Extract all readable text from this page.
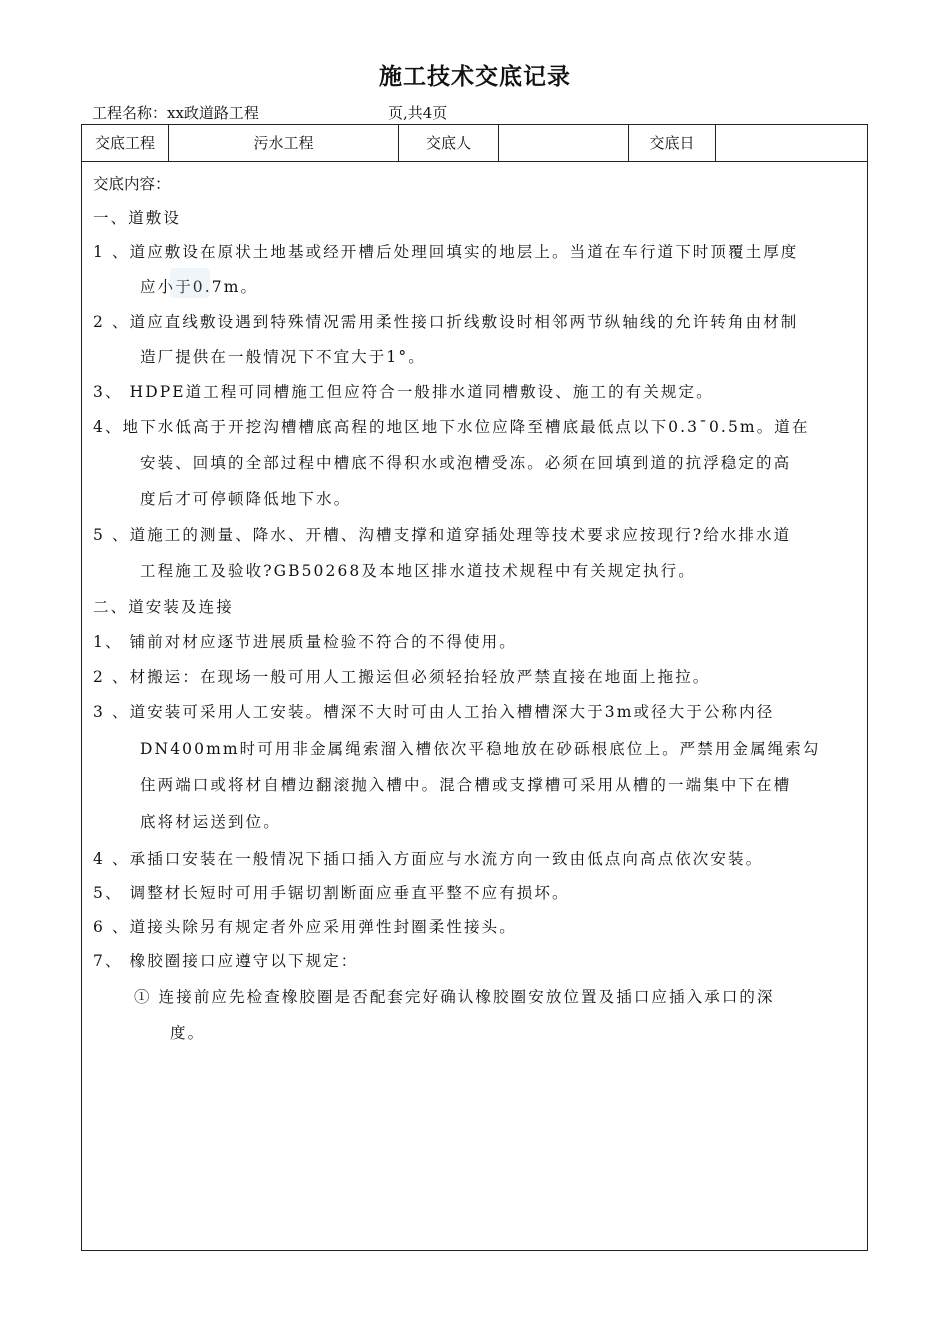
施工技术交底记录
工程名称：xx政道路工程	页,共4页
交底工程	污水工程	交底人	交底日
交底内容：
一、道敷设
1 、道应敷设在原状土地基或经开槽后处理回填实的地层上。当道在车行道下时顶覆土厚度
应小于0.7m。
2 、道应直线敷设遇到特殊情况需用柔性接口折线敷设时相邻两节纵轴线的允许转角由材制
造厂提供在一般情况下不宜大于1°。
3、 HDPE道工程可同槽施工但应符合一般排水道同槽敷设、施工的有关规定。
4、地下水低高于开挖沟槽槽底高程的地区地下水位应降至槽底最低点以下0.3¯0.5m。道在
安装、回填的全部过程中槽底不得积水或泡槽受冻。必须在回填到道的抗浮稳定的高
度后才可停顿降低地下水。
5 、道施工的测量、降水、开槽、沟槽支撑和道穿插处理等技术要求应按现行?给水排水道
工程施工及验收?GB50268及本地区排水道技术规程中有关规定执行。
二、道安装及连接
1、 铺前对材应逐节进展质量检验不符合的不得使用。
2 、材搬运：在现场一般可用人工搬运但必须轻抬轻放严禁直接在地面上拖拉。
3 、道安装可采用人工安装。槽深不大时可由人工抬入槽槽深大于3m或径大于公称内径
DN400mm时可用非金属绳索溜入槽依次平稳地放在砂砾根底位上。严禁用金属绳索勾
住两端口或将材自槽边翻滚抛入槽中。混合槽或支撑槽可采用从槽的一端集中下在槽
底将材运送到位。
4 、承插口安装在一般情况下插口插入方面应与水流方向一致由低点向高点依次安装。
5、 调整材长短时可用手锯切割断面应垂直平整不应有损坏。
6 、道接头除另有规定者外应采用弹性封圈柔性接头。
7、 橡胶圈接口应遵守以下规定：
① 连接前应先检查橡胶圈是否配套完好确认橡胶圈安放位置及插口应插入承口的深
度。
